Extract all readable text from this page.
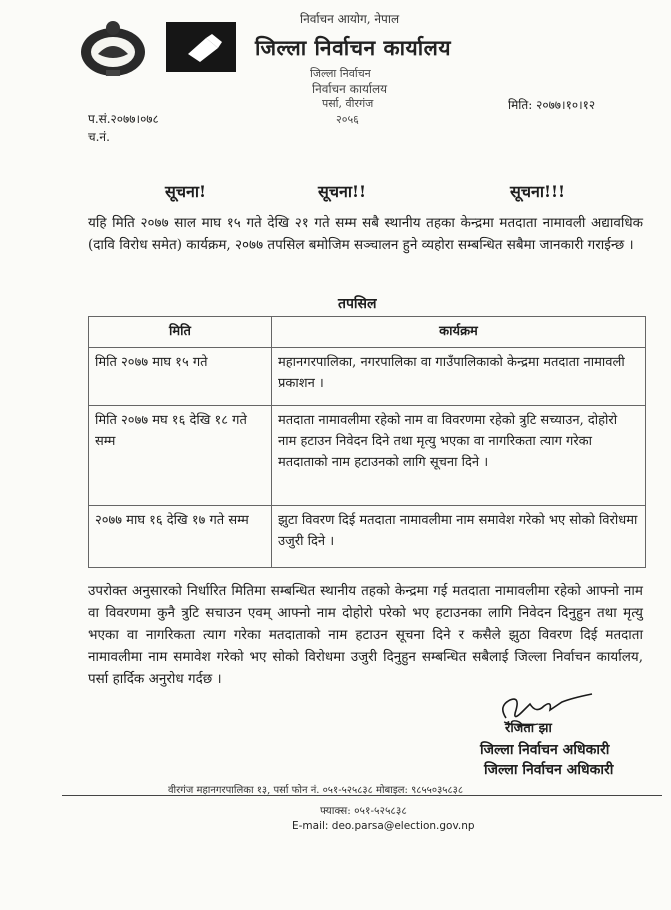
निर्वाचन आयोग, नेपाल
जिल्ला निर्वाचन कार्यालय
जिल्ला निर्वाचन
निर्वाचन कार्यालय
पर्सा, वीरगंज
२०५६
प.सं.२०७७।०७८
च.नं.
मिति: २०७७।१०।१२
सूचना!	सूचना!!	सूचना!!!
यहि मिति २०७७ साल माघ १५ गते देखि २१ गते सम्म सबै स्थानीय तहका केन्द्रमा मतदाता नामावली अद्यावधिक (दावि विरोध समेत) कार्यक्रम, २०७७ तपसिल बमोजिम सञ्चालन हुने व्यहोरा सम्बन्धित सबैमा जानकारी गराईन्छ ।
तपसिल
मिति	कार्यक्रम
मिति २०७७ माघ १५ गते	महानगरपालिका, नगरपालिका वा गाउँपालिकाको केन्द्रमा मतदाता नामावली प्रकाशन ।
मिति २०७७ मघ १६ देखि १८ गते सम्म	मतदाता नामावलीमा रहेको नाम वा विवरणमा रहेको त्रुटि सच्याउन, दोहोरो नाम हटाउन निवेदन दिने तथा मृत्यु भएका वा नागरिकता त्याग गरेका मतदाताको नाम हटाउनको लागि सूचना दिने ।
२०७७ माघ १६ देखि १७ गते सम्म	झुटा विवरण दिई मतदाता नामावलीमा नाम समावेश गरेको भए सोको विरोधमा उजुरी दिने ।
उपरोक्त अनुसारको निर्धारित मितिमा सम्बन्धित स्थानीय तहको केन्द्रमा गई मतदाता नामावलीमा रहेको आफ्नो नाम वा विवरणमा कुनै त्रुटि सचाउन एवम् आफ्नो नाम दोहोरो परेको भए हटाउनका लागि निवेदन दिनुहुन तथा मृत्यु भएका वा नागरिकता त्याग गरेका मतदाताको नाम हटाउन सूचना दिने र कसैले झुठा विवरण दिई मतदाता नामावलीमा नाम समावेश गरेको भए सोको विरोधमा उजुरी दिनुहुन सम्बन्धित सबैलाई जिल्ला निर्वाचन कार्यालय, पर्सा हार्दिक अनुरोध गर्दछ ।
रंजिता झा
जिल्ला निर्वाचन अधिकारी
जिल्ला निर्वाचन अधिकारी
वीरगंज महानगरपालिका १३, पर्सा फोन नं. ०५१-५२५८३८ मोबाइल: ९८५५०३५८३८
फ्याक्स: ०५१-५२५८३८
E-mail: deo.parsa@election.gov.np
